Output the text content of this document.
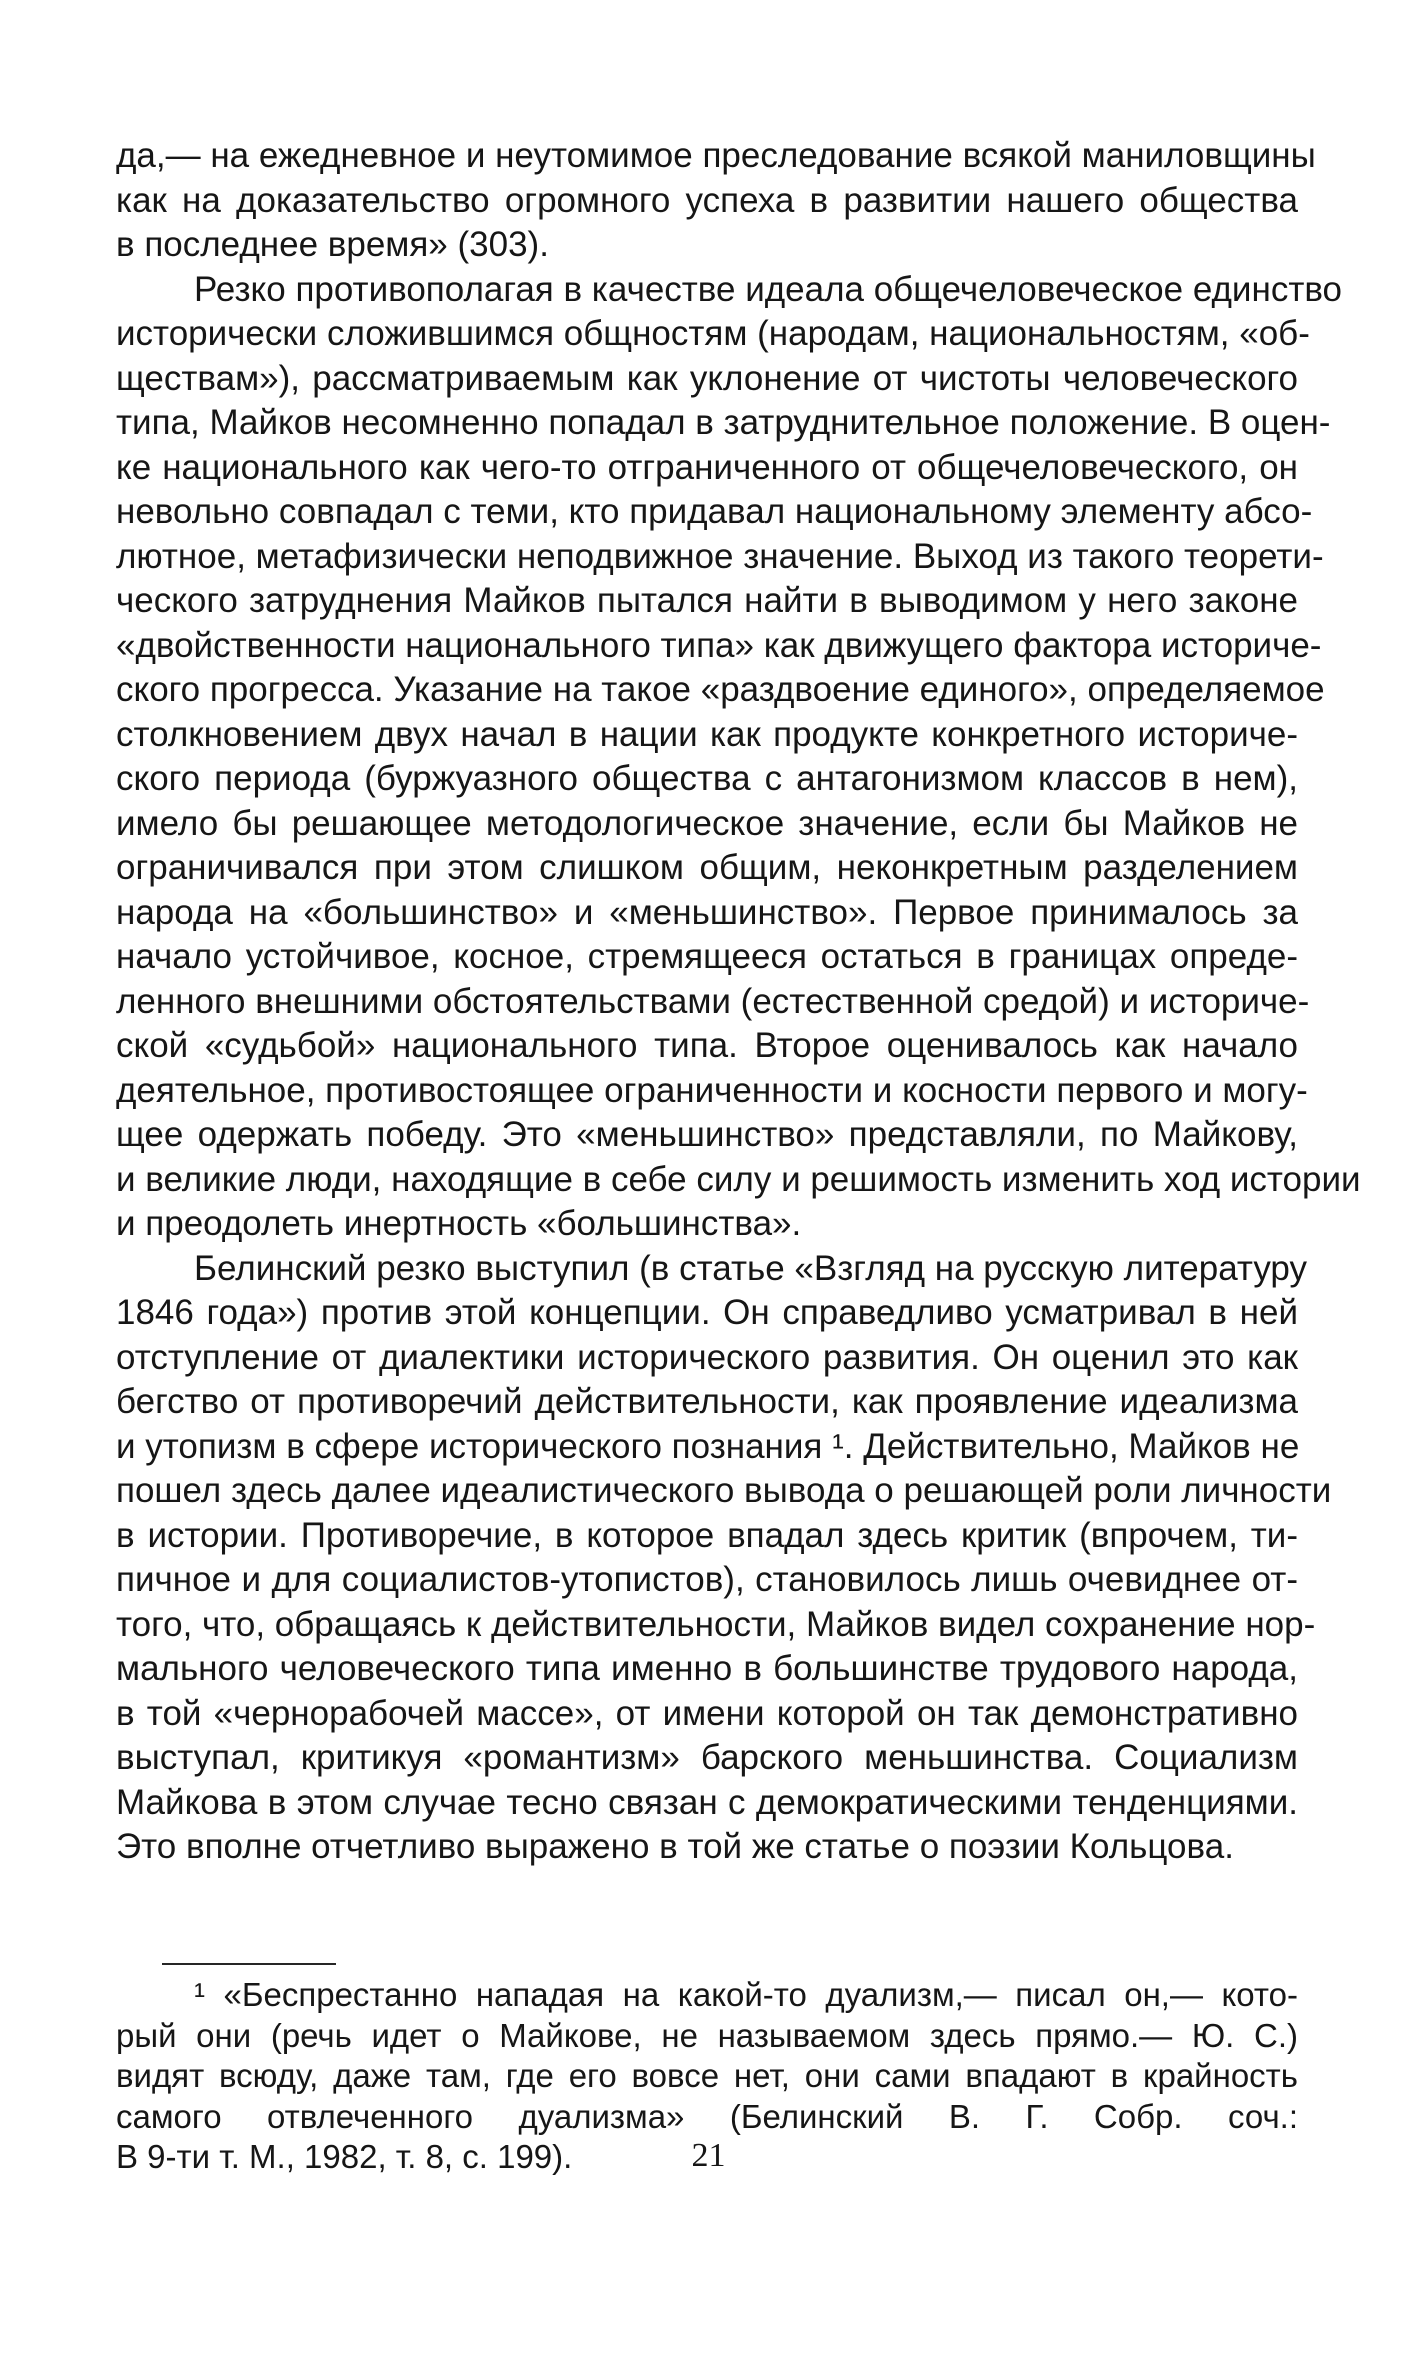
да,— на ежедневное и неутомимое преследование всякой маниловщины
как на доказательство огромного успеха в развитии нашего общества
в последнее время» (303).
Резко противополагая в качестве идеала общечеловеческое единство
исторически сложившимся общностям (народам, национальностям, «об-
ществам»), рассматриваемым как уклонение от чистоты человеческого
типа, Майков несомненно попадал в затруднительное положение. В оцен-
ке национального как чего-то отграниченного от общечеловеческого, он
невольно совпадал с теми, кто придавал национальному элементу абсо-
лютное, метафизически неподвижное значение. Выход из такого теорети-
ческого затруднения Майков пытался найти в выводимом у него законе
«двойственности национального типа» как движущего фактора историче-
ского прогресса. Указание на такое «раздвоение единого», определяемое
столкновением двух начал в нации как продукте конкретного историче-
ского периода (буржуазного общества с антагонизмом классов в нем),
имело бы решающее методологическое значение, если бы Майков не
ограничивался при этом слишком общим, неконкретным разделением
народа на «большинство» и «меньшинство». Первое принималось за
начало устойчивое, косное, стремящееся остаться в границах опреде-
ленного внешними обстоятельствами (естественной средой) и историче-
ской «судьбой» национального типа. Второе оценивалось как начало
деятельное, противостоящее ограниченности и косности первого и могу-
щее одержать победу. Это «меньшинство» представляли, по Майкову,
и великие люди, находящие в себе силу и решимость изменить ход истории
и преодолеть инертность «большинства».
Белинский резко выступил (в статье «Взгляд на русскую литературу
1846 года») против этой концепции. Он справедливо усматривал в ней
отступление от диалектики исторического развития. Он оценил это как
бегство от противоречий действительности, как проявление идеализма
и утопизм в сфере исторического познания ¹. Действительно, Майков не
пошел здесь далее идеалистического вывода о решающей роли личности
в истории. Противоречие, в которое впадал здесь критик (впрочем, ти-
пичное и для социалистов-утопистов), становилось лишь очевиднее от-
того, что, обращаясь к действительности, Майков видел сохранение нор-
мального человеческого типа именно в большинстве трудового народа,
в той «чернорабочей массе», от имени которой он так демонстративно
выступал, критикуя «романтизм» барского меньшинства. Социализм
Майкова в этом случае тесно связан с демократическими тенденциями.
Это вполне отчетливо выражено в той же статье о поэзии Кольцова.
¹ «Беспрестанно нападая на какой-то дуализм,— писал он,— кото-
рый они (речь идет о Майкове, не называемом здесь прямо.— Ю. С.)
видят всюду, даже там, где его вовсе нет, они сами впадают в крайность
самого отвлеченного дуализма» (Белинский В. Г. Собр. соч.:
В 9-ти т. М., 1982, т. 8, с. 199).	21
